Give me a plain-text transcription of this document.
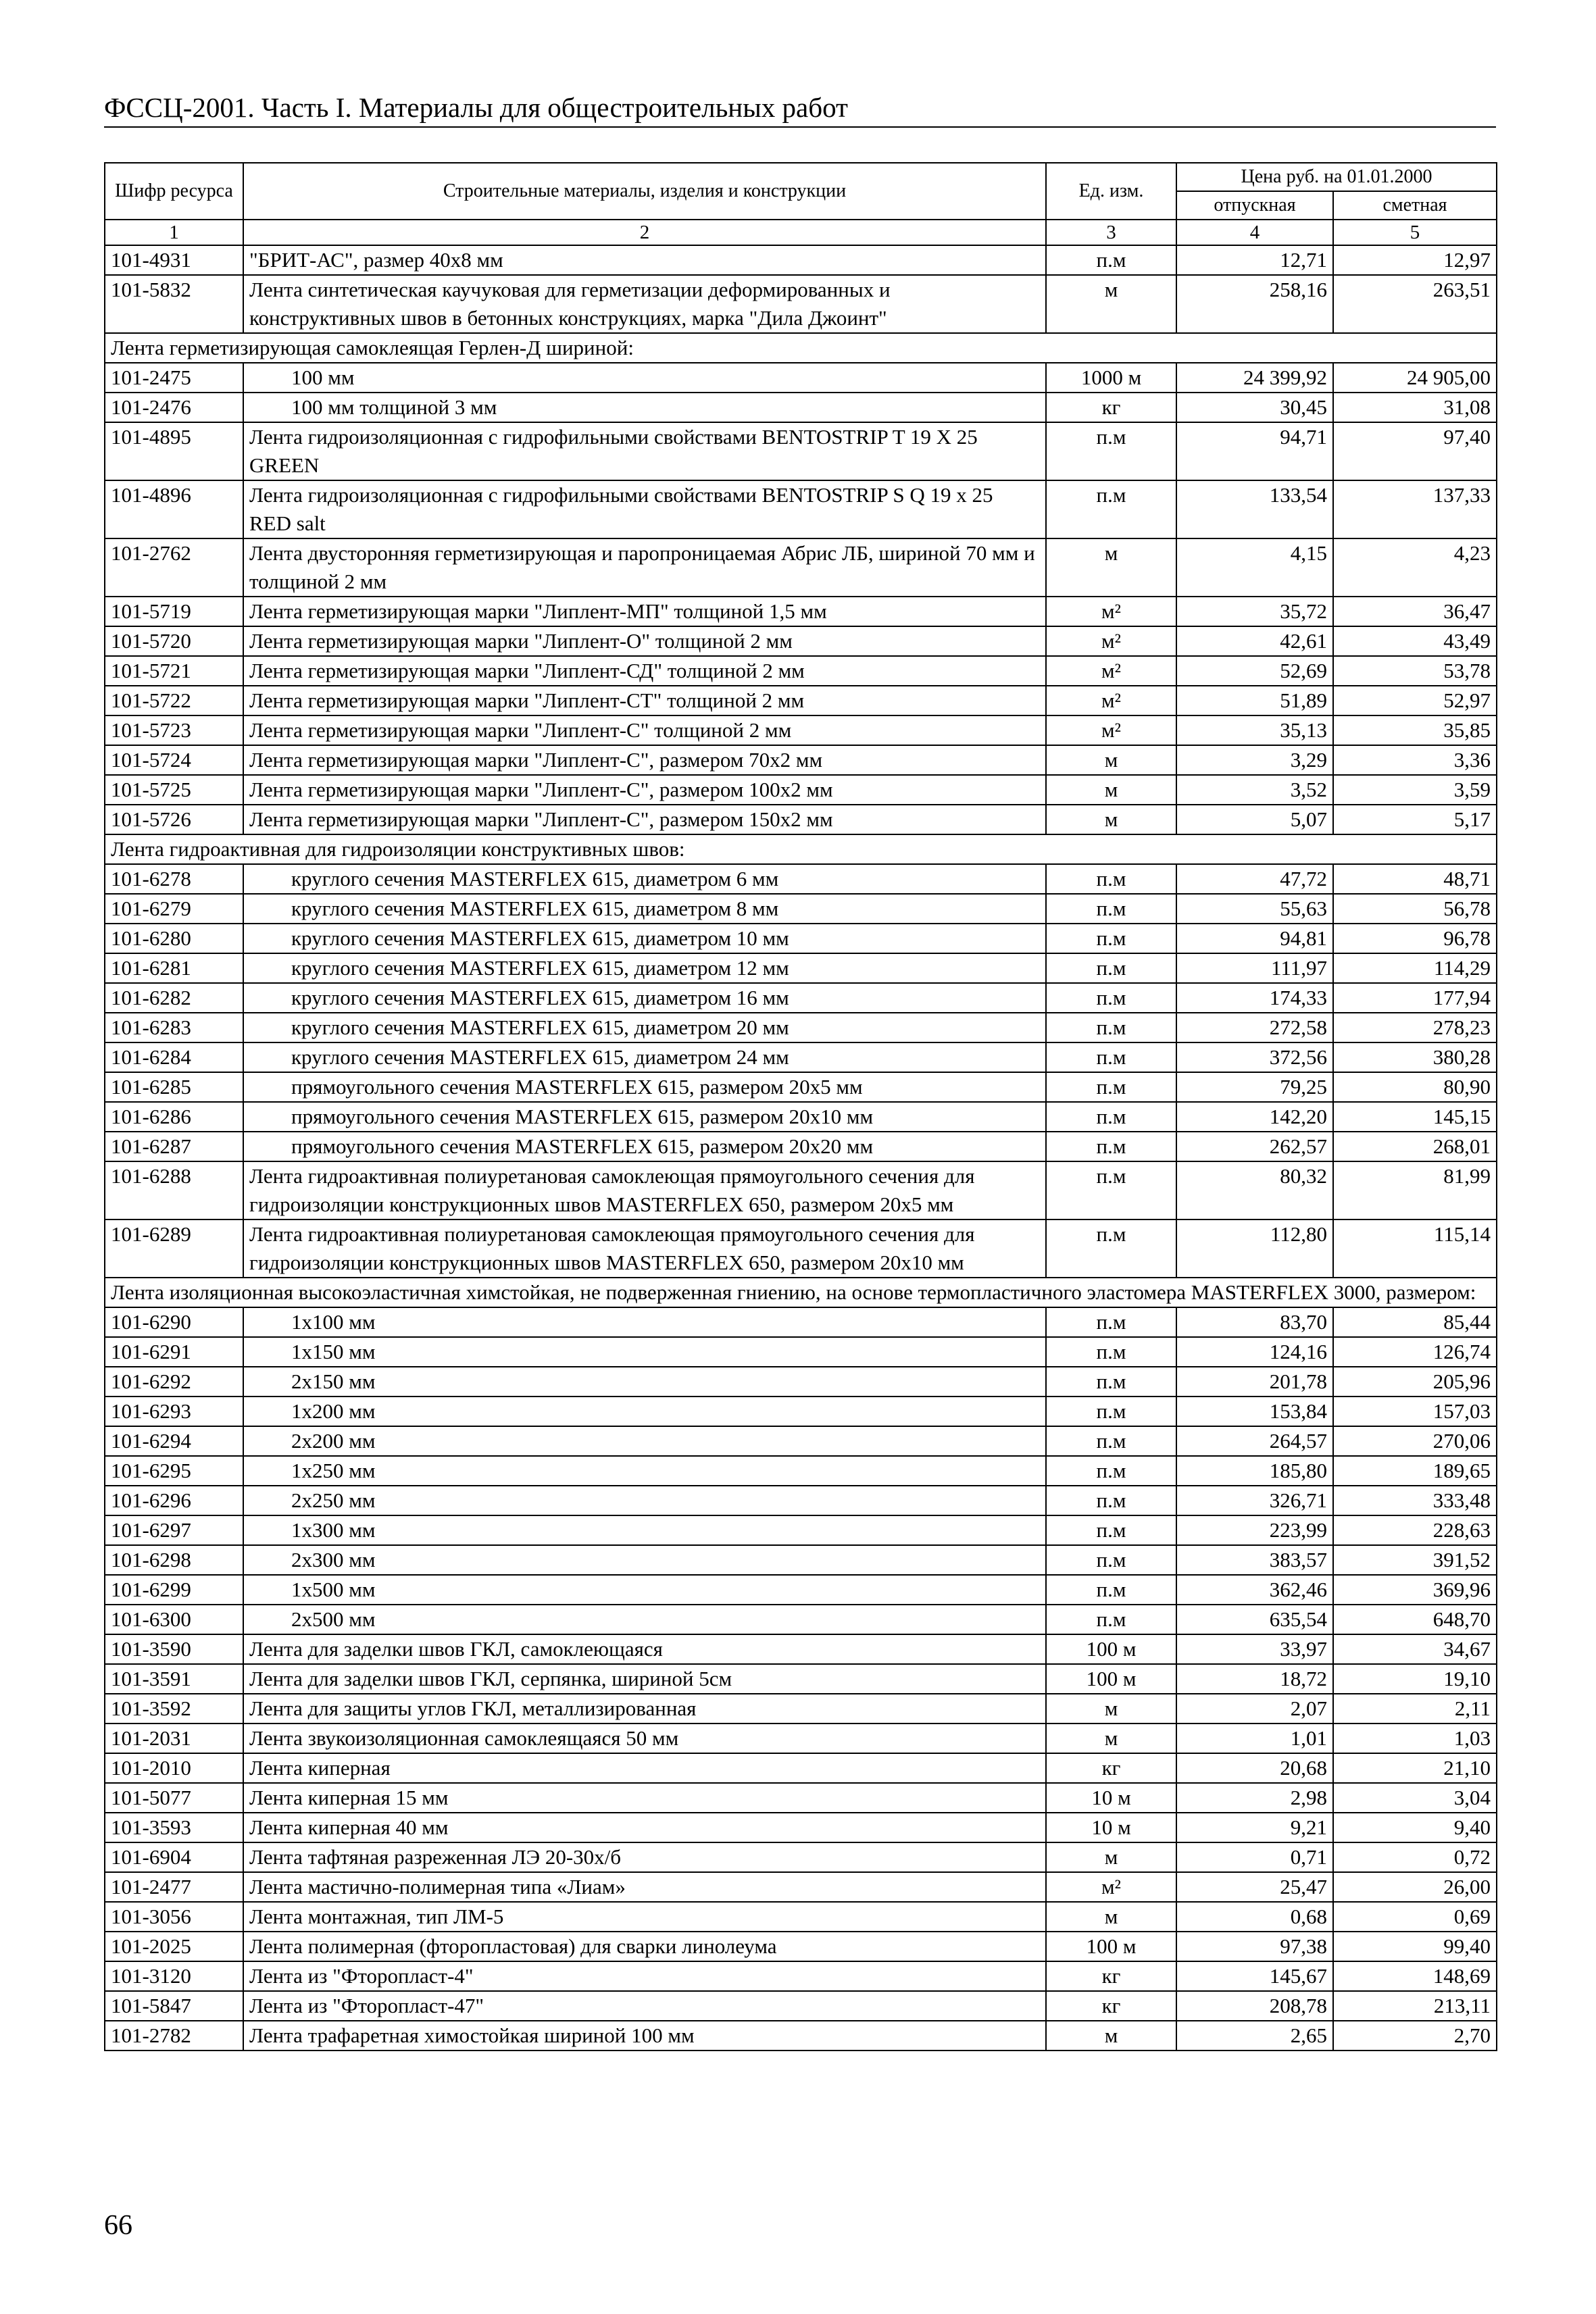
ФССЦ-2001. Часть I. Материалы для общестроительных работ
Шифр ресурса	Строительные материалы, изделия и конструкции	Ед. изм.	Цена руб. на 01.01.2000	
			отпускная	сметная
1	2	3	4	5
101-4931	"БРИТ-АС", размер 40х8 мм	п.м	12,71	12,97
101-5832	Лента синтетическая каучуковая для герметизации деформированных и конструктивных швов в бетонных конструкциях, марка "Дила Джоинт"	м	258,16	263,51
Лента герметизирующая самоклеящая Герлен-Д шириной:				
101-2475	100 мм	1000 м	24 399,92	24 905,00
101-2476	100 мм толщиной 3 мм	кг	30,45	31,08
101-4895	Лента гидроизоляционная с гидрофильными свойствами BENTOSTRIP T 19 X 25 GREEN	п.м	94,71	97,40
101-4896	Лента гидроизоляционная с гидрофильными свойствами BENTOSTRIP S Q 19 x 25 RED salt	п.м	133,54	137,33
101-2762	Лента двусторонняя герметизирующая и паропроницаемая Абрис ЛБ, шириной 70 мм и толщиной 2 мм	м	4,15	4,23
101-5719	Лента герметизирующая марки "Липлент-МП" толщиной 1,5 мм	м²	35,72	36,47
101-5720	Лента герметизирующая марки "Липлент-О" толщиной 2 мм	м²	42,61	43,49
101-5721	Лента герметизирующая марки "Липлент-СД" толщиной 2 мм	м²	52,69	53,78
101-5722	Лента герметизирующая марки "Липлент-СТ" толщиной 2 мм	м²	51,89	52,97
101-5723	Лента герметизирующая марки "Липлент-С" толщиной 2 мм	м²	35,13	35,85
101-5724	Лента герметизирующая марки "Липлент-С", размером 70х2 мм	м	3,29	3,36
101-5725	Лента герметизирующая марки "Липлент-С", размером 100х2 мм	м	3,52	3,59
101-5726	Лента герметизирующая марки "Липлент-С", размером 150х2 мм	м	5,07	5,17
Лента гидроактивная для гидроизоляции конструктивных швов:				
101-6278	круглого сечения MASTERFLEX 615, диаметром 6 мм	п.м	47,72	48,71
101-6279	круглого сечения MASTERFLEX 615, диаметром 8 мм	п.м	55,63	56,78
101-6280	круглого сечения MASTERFLEX 615, диаметром 10 мм	п.м	94,81	96,78
101-6281	круглого сечения MASTERFLEX 615, диаметром 12 мм	п.м	111,97	114,29
101-6282	круглого сечения MASTERFLEX 615, диаметром 16 мм	п.м	174,33	177,94
101-6283	круглого сечения MASTERFLEX 615, диаметром 20 мм	п.м	272,58	278,23
101-6284	круглого сечения MASTERFLEX 615, диаметром 24 мм	п.м	372,56	380,28
101-6285	прямоугольного сечения MASTERFLEX 615, размером 20х5 мм	п.м	79,25	80,90
101-6286	прямоугольного сечения MASTERFLEX 615, размером 20х10 мм	п.м	142,20	145,15
101-6287	прямоугольного сечения MASTERFLEX 615, размером 20х20 мм	п.м	262,57	268,01
101-6288	Лента гидроактивная полиуретановая самоклеющая прямоугольного сечения для гидроизоляции конструкционных швов MASTERFLEX 650, размером 20х5 мм	п.м	80,32	81,99
101-6289	Лента гидроактивная полиуретановая самоклеющая прямоугольного сечения для гидроизоляции конструкционных швов MASTERFLEX 650, размером 20х10 мм	п.м	112,80	115,14
Лента изоляционная высокоэластичная химстойкая, не подверженная гниению, на основе термопластичного эластомера MASTERFLEX 3000, размером:				
101-6290	1х100 мм	п.м	83,70	85,44
101-6291	1х150 мм	п.м	124,16	126,74
101-6292	2х150 мм	п.м	201,78	205,96
101-6293	1х200 мм	п.м	153,84	157,03
101-6294	2х200 мм	п.м	264,57	270,06
101-6295	1х250 мм	п.м	185,80	189,65
101-6296	2х250 мм	п.м	326,71	333,48
101-6297	1х300 мм	п.м	223,99	228,63
101-6298	2х300 мм	п.м	383,57	391,52
101-6299	1х500 мм	п.м	362,46	369,96
101-6300	2х500 мм	п.м	635,54	648,70
101-3590	Лента для заделки швов ГКЛ, самоклеющаяся	100 м	33,97	34,67
101-3591	Лента для заделки швов ГКЛ, серпянка, шириной 5см	100 м	18,72	19,10
101-3592	Лента для защиты углов ГКЛ, металлизированная	м	2,07	2,11
101-2031	Лента звукоизоляционная самоклеящаяся 50 мм	м	1,01	1,03
101-2010	Лента киперная	кг	20,68	21,10
101-5077	Лента киперная 15 мм	10 м	2,98	3,04
101-3593	Лента киперная 40 мм	10 м	9,21	9,40
101-6904	Лента тафтяная разреженная ЛЭ 20-30х/б	м	0,71	0,72
101-2477	Лента мастично-полимерная типа «Лиам»	м²	25,47	26,00
101-3056	Лента монтажная, тип ЛМ-5	м	0,68	0,69
101-2025	Лента полимерная (фторопластовая) для сварки линолеума	100 м	97,38	99,40
101-3120	Лента из "Фторопласт-4"	кг	145,67	148,69
101-5847	Лента из "Фторопласт-47"	кг	208,78	213,11
101-2782	Лента трафаретная химостойкая шириной 100 мм	м	2,65	2,70
66
